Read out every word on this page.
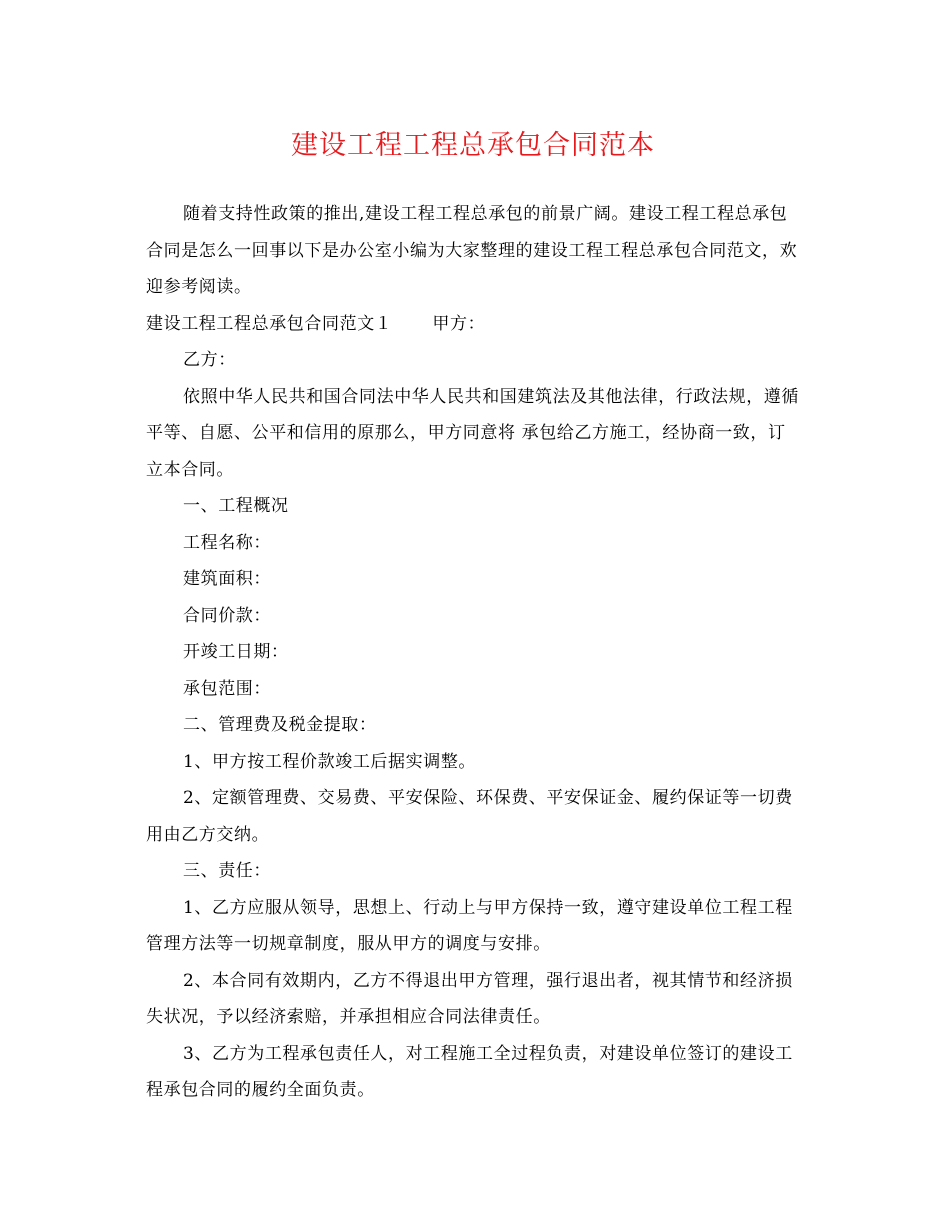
建设工程工程总承包合同范本

随着支持性政策的推出,建设工程工程总承包的前景广阔。建设工程工程总承包合同是怎么一回事以下是办公室小编为大家整理的建设工程工程总承包合同范文，欢迎参考阅读。

建设工程工程总承包合同范文１ 甲方：

乙方：

依照中华人民共和国合同法中华人民共和国建筑法及其他法律，行政法规，遵循平等、自愿、公平和信用的原那么，甲方同意将 承包给乙方施工，经协商一致，订立本合同。

一、工程概况

工程名称：

建筑面积：

合同价款：

开竣工日期：

承包范围：

二、管理费及税金提取：

1、甲方按工程价款竣工后据实调整。

2、定额管理费、交易费、平安保险、环保费、平安保证金、履约保证等一切费用由乙方交纳。

三、责任：

1、乙方应服从领导，思想上、行动上与甲方保持一致，遵守建设单位工程工程管理方法等一切规章制度，服从甲方的调度与安排。

2、本合同有效期内，乙方不得退出甲方管理，强行退出者，视其情节和经济损失状况，予以经济索赔，并承担相应合同法律责任。

3、乙方为工程承包责任人，对工程施工全过程负责，对建设单位签订的建设工程承包合同的履约全面负责。
